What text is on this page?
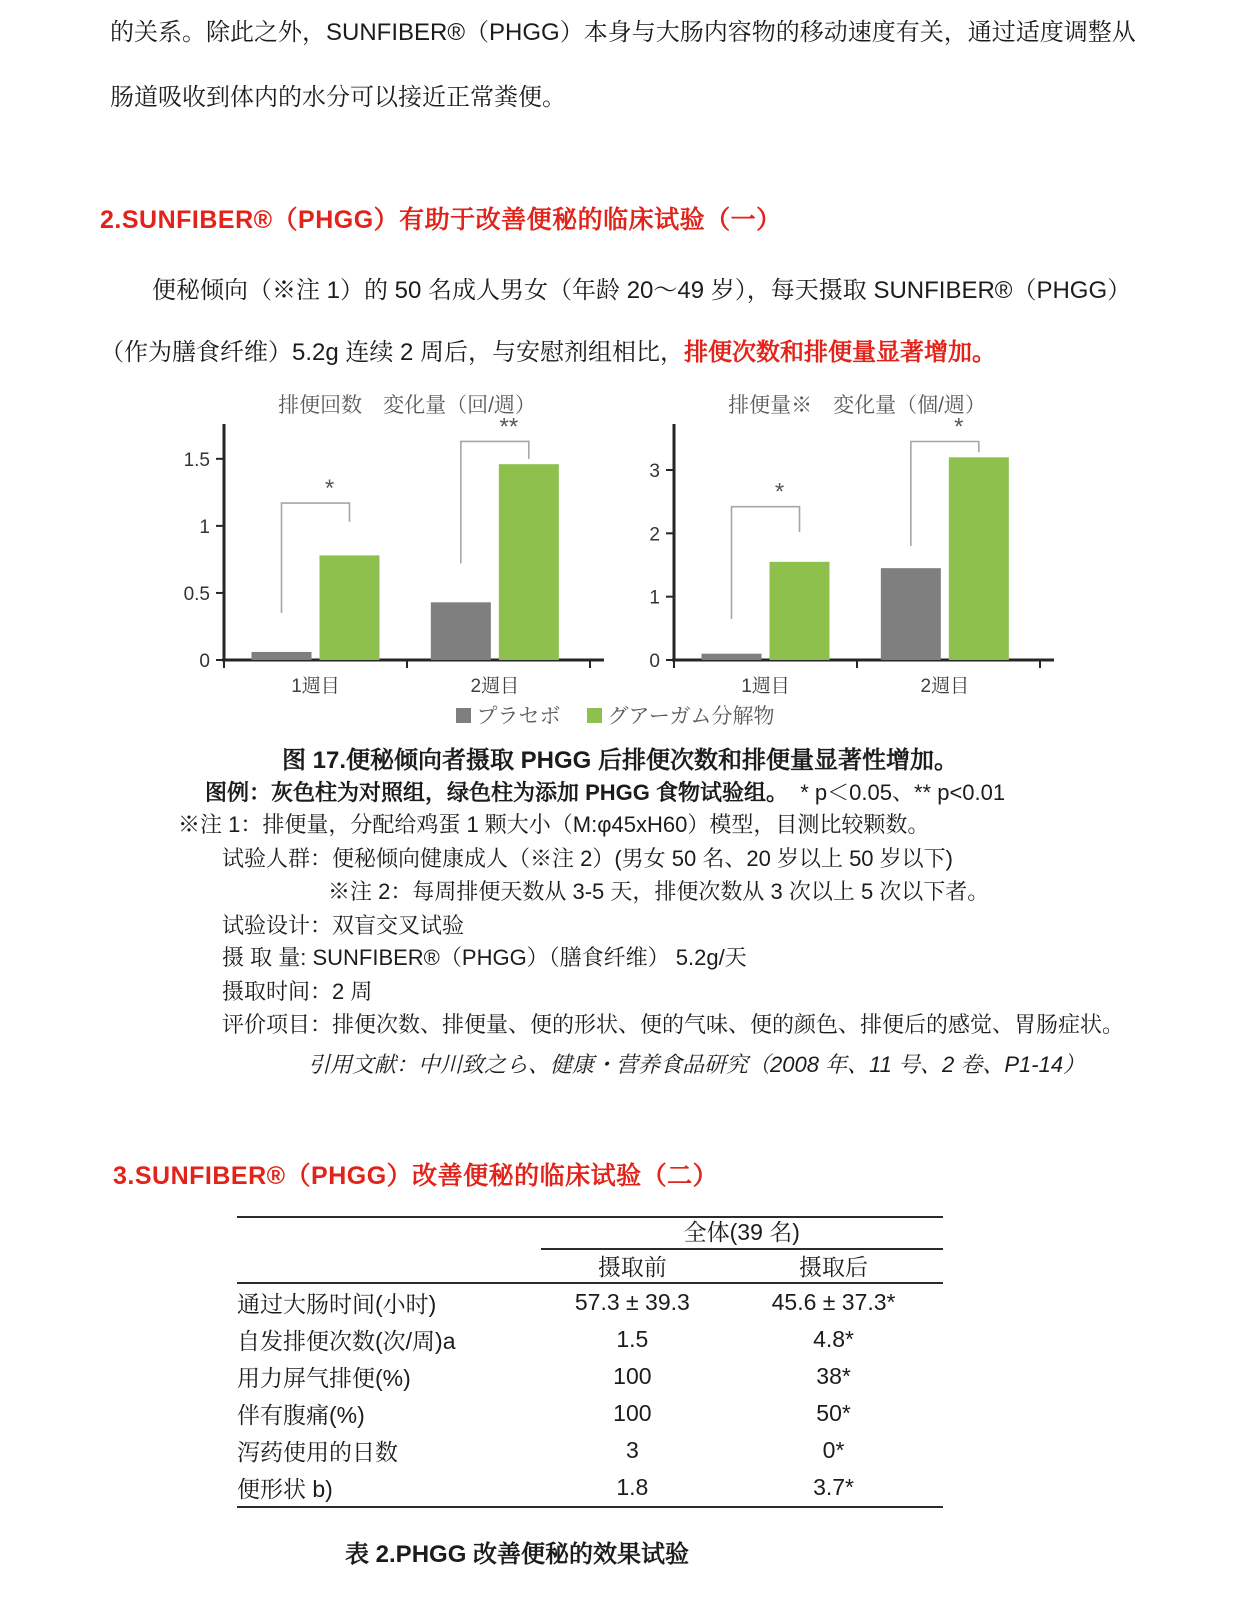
的关系。除此之外，SUNFIBER®（PHGG）本身与大肠内容物的移动速度有关，通过适度调整从
肠道吸收到体内的水分可以接近正常粪便。
2.SUNFIBER®（PHGG）有助于改善便秘的临床试验（一）
便秘倾向（※注 1）的 50 名成人男女（年龄 20～49 岁），每天摄取 SUNFIBER®（PHGG）
（作为膳食纤维）5.2g 连续 2 周后，与安慰剂组相比，排便次数和排便量显著增加。
排便回数　変化量（回/週）
0
0.5
1
1.5
1週目	2週目
*
**
排便量※　変化量（個/週）
0
1
2
3
1週目	2週目
*
*
プラセボ グアーガム分解物
图 17.便秘倾向者摄取 PHGG 后排便次数和排便量显著性增加。
图例：灰色柱为对照组，绿色柱为添加 PHGG 食物试验组。 * p＜0.05、** p<0.01
※注 1：排便量，分配给鸡蛋 1 颗大小（M:φ45xH60）模型，目测比较颗数。
试验人群：便秘倾向健康成人（※注 2）(男女 50 名、20 岁以上 50 岁以下)
※注 2：每周排便天数从 3-5 天，排便次数从 3 次以上 5 次以下者。
试验设计：双盲交叉试验
摄 取 量: SUNFIBER®（PHGG）（膳食纤维） 5.2g/天
摄取时间：2 周
评价项目：排便次数、排便量、便的形状、便的气味、便的颜色、排便后的感觉、胃肠症状。
引用文献：中川致之ら、健康・营养食品研究（2008 年、11 号、2 卷、P1-14）
3.SUNFIBER®（PHGG）改善便秘的临床试验（二）
全体(39 名)
摄取前	摄取后
通过大肠时间(小时)	57.3 ± 39.3	45.6 ± 37.3*
自发排便次数(次/周)a	1.5	4.8*
用力屏气排便(%)	100	38*
伴有腹痛(%)	100	50*
泻药使用的日数	3	0*
便形状 b)	1.8	3.7*
表 2.PHGG 改善便秘的效果试验
